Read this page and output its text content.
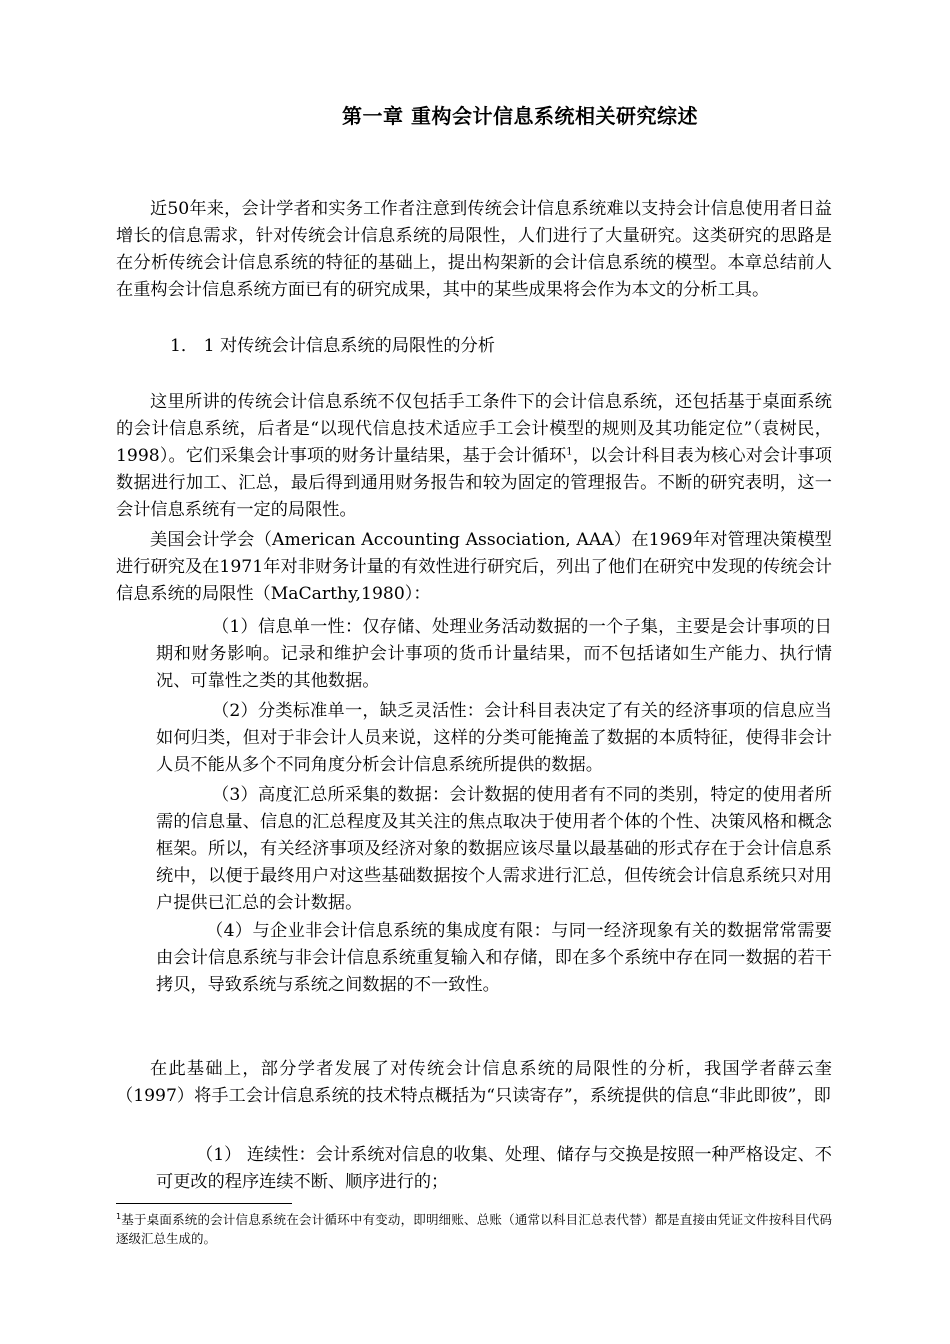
第一章 重构会计信息系统相关研究综述

近50年来，会计学者和实务工作者注意到传统会计信息系统难以支持会计信息使用者日益增长的信息需求，针对传统会计信息系统的局限性，人们进行了大量研究。这类研究的思路是在分析传统会计信息系统的特征的基础上，提出构架新的会计信息系统的模型。本章总结前人在重构会计信息系统方面已有的研究成果，其中的某些成果将会作为本文的分析工具。

1． 1 对传统会计信息系统的局限性的分析

这里所讲的传统会计信息系统不仅包括手工条件下的会计信息系统，还包括基于桌面系统的会计信息系统，后者是“以现代信息技术适应手工会计模型的规则及其功能定位”（袁树民，1998）。它们采集会计事项的财务计量结果，基于会计循环$^1$，以会计科目表为核心对会计事项数据进行加工、汇总，最后得到通用财务报告和较为固定的管理报告。不断的研究表明，这一会计信息系统有一定的局限性。

美国会计学会（American Accounting Association, AAA）在1969年对管理决策模型进行研究及在1971年对非财务计量的有效性进行研究后，列出了他们在研究中发现的传统会计信息系统的局限性（MaCarthy,1980）：

（1）信息单一性：仅存储、处理业务活动数据的一个子集，主要是会计事项的日期和财务影响。记录和维护会计事项的货币计量结果，而不包括诸如生产能力、执行情况、可靠性之类的其他数据。

（2）分类标准单一，缺乏灵活性：会计科目表决定了有关的经济事项的信息应当如何归类，但对于非会计人员来说，这样的分类可能掩盖了数据的本质特征，使得非会计人员不能从多个不同角度分析会计信息系统所提供的数据。

（3）高度汇总所采集的数据：会计数据的使用者有不同的类别，特定的使用者所需的信息量、信息的汇总程度及其关注的焦点取决于使用者个体的个性、决策风格和概念框架。所以，有关经济事项及经济对象的数据应该尽量以最基础的形式存在于会计信息系统中，以便于最终用户对这些基础数据按个人需求进行汇总，但传统会计信息系统只对用户提供已汇总的会计数据。

（4）与企业非会计信息系统的集成度有限：与同一经济现象有关的数据常常需要由会计信息系统与非会计信息系统重复输入和存储，即在多个系统中存在同一数据的若干拷贝，导致系统与系统之间数据的不一致性。

在此基础上，部分学者发展了对传统会计信息系统的局限性的分析，我国学者薛云奎（1997）将手工会计信息系统的技术特点概括为“只读寄存”，系统提供的信息“非此即彼”，即

（1） 连续性：会计系统对信息的收集、处理、储存与交换是按照一种严格设定、不可更改的程序连续不断、顺序进行的；

$^1$基于桌面系统的会计信息系统在会计循环中有变动，即明细账、总账（通常以科目汇总表代替）都是直接由凭证文件按科目代码逐级汇总生成的。
